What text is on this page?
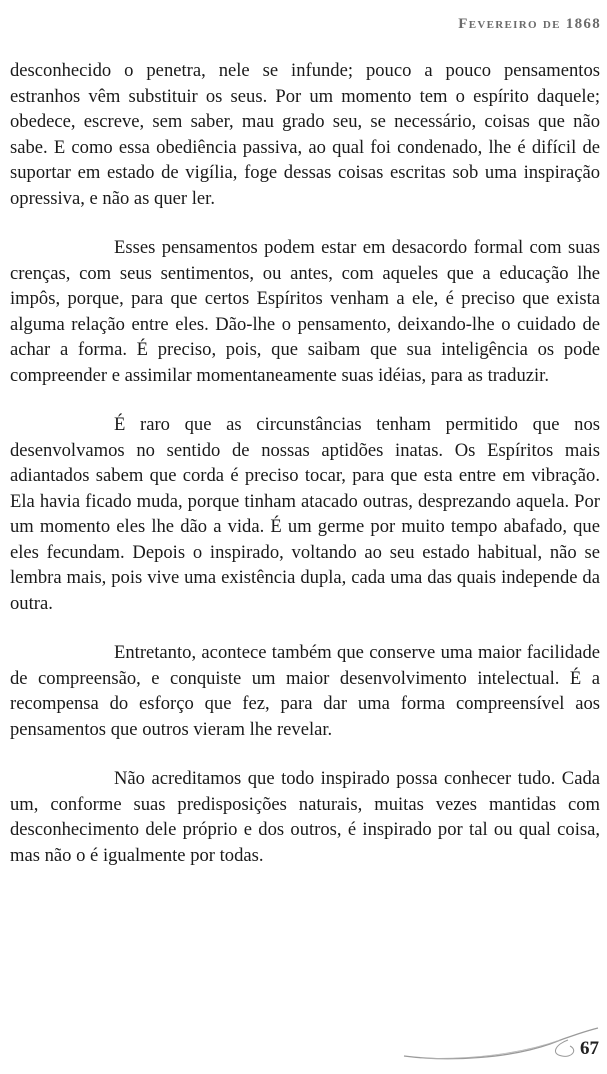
Fevereiro de 1868

desconhecido o penetra, nele se infunde; pouco a pouco pensamentos estranhos vêm substituir os seus. Por um momento tem o espírito daquele; obedece, escreve, sem saber, mau grado seu, se necessário, coisas que não sabe. E como essa obediência passiva, ao qual foi condenado, lhe é difícil de suportar em estado de vigília, foge dessas coisas escritas sob uma inspiração opressiva, e não as quer ler.

Esses pensamentos podem estar em desacordo formal com suas crenças, com seus sentimentos, ou antes, com aqueles que a educação lhe impôs, porque, para que certos Espíritos venham a ele, é preciso que exista alguma relação entre eles. Dão-lhe o pensamento, deixando-lhe o cuidado de achar a forma. É preciso, pois, que saibam que sua inteligência os pode compreender e assimilar momentaneamente suas idéias, para as traduzir.

É raro que as circunstâncias tenham permitido que nos desenvolvamos no sentido de nossas aptidões inatas. Os Espíritos mais adiantados sabem que corda é preciso tocar, para que esta entre em vibração. Ela havia ficado muda, porque tinham atacado outras, desprezando aquela. Por um momento eles lhe dão a vida. É um germe por muito tempo abafado, que eles fecundam. Depois o inspirado, voltando ao seu estado habitual, não se lembra mais, pois vive uma existência dupla, cada uma das quais independe da outra.

Entretanto, acontece também que conserve uma maior facilidade de compreensão, e conquiste um maior desenvolvimento intelectual. É a recompensa do esforço que fez, para dar uma forma compreensível aos pensamentos que outros vieram lhe revelar.

Não acreditamos que todo inspirado possa conhecer tudo. Cada um, conforme suas predisposições naturais, muitas vezes mantidas com desconhecimento dele próprio e dos outros, é inspirado por tal ou qual coisa, mas não o é igualmente por todas.

67
